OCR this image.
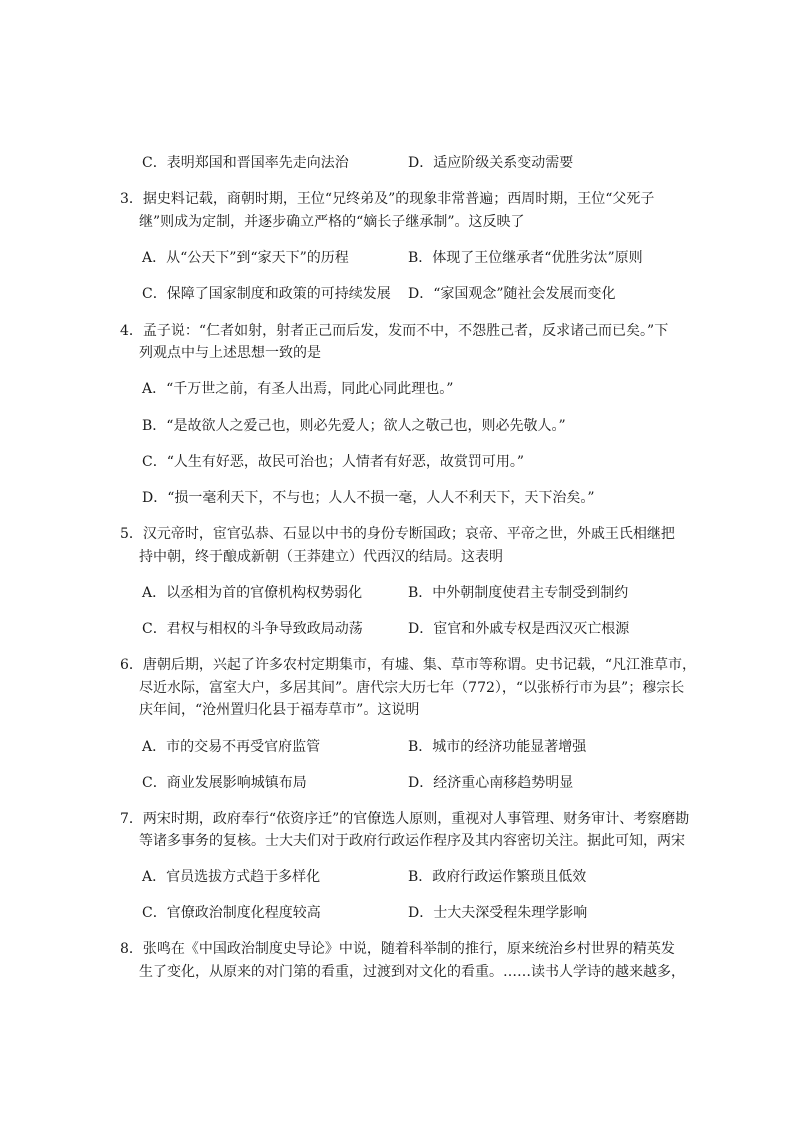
C．表明郑国和晋国率先走向法治	D．适应阶级关系变动需要
3．据史料记载，商朝时期，王位“兄终弟及”的现象非常普遍；西周时期，王位“父死子
继”则成为定制，并逐步确立严格的“嫡长子继承制”。这反映了
A．从“公天下”到“家天下”的历程	B．体现了王位继承者“优胜劣汰”原则
C．保障了国家制度和政策的可持续发展 D．“家国观念”随社会发展而变化
4．孟子说：“仁者如射，射者正己而后发，发而不中，不怨胜己者，反求诸己而已矣。”下
列观点中与上述思想一致的是
A．“千万世之前，有圣人出焉，同此心同此理也。”
B．“是故欲人之爱己也，则必先爱人；欲人之敬己也，则必先敬人。”
C．“人生有好恶，故民可治也；人情者有好恶，故赏罚可用。”
D．“损一毫利天下，不与也；人人不损一毫，人人不利天下，天下治矣。”
5．汉元帝时，宦官弘恭、石显以中书的身份专断国政；哀帝、平帝之世，外戚王氏相继把
持中朝，终于酿成新朝（王莽建立）代西汉的结局。这表明
A．以丞相为首的官僚机构权势弱化	B．中外朝制度使君主专制受到制约
C．君权与相权的斗争导致政局动荡	D．宦官和外戚专权是西汉灭亡根源
6．唐朝后期，兴起了许多农村定期集市，有墟、集、草市等称谓。史书记载，“凡江淮草市，
尽近水际，富室大户，多居其间”。唐代宗大历七年（772），“以张桥行市为县”；穆宗长
庆年间，“沧州置归化县于福寿草市”。这说明
A．市的交易不再受官府监管	B．城市的经济功能显著增强
C．商业发展影响城镇布局	D．经济重心南移趋势明显
7．两宋时期，政府奉行“依资序迁”的官僚选人原则，重视对人事管理、财务审计、考察磨勘
等诸多事务的复核。士大夫们对于政府行政运作程序及其内容密切关注。据此可知，两宋
A．官员选拔方式趋于多样化	B．政府行政运作繁琐且低效
C．官僚政治制度化程度较高	D．士大夫深受程朱理学影响
8．张鸣在《中国政治制度史导论》中说，随着科举制的推行，原来统治乡村世界的精英发
生了变化，从原来的对门第的看重，过渡到对文化的看重。……读书人学诗的越来越多，
